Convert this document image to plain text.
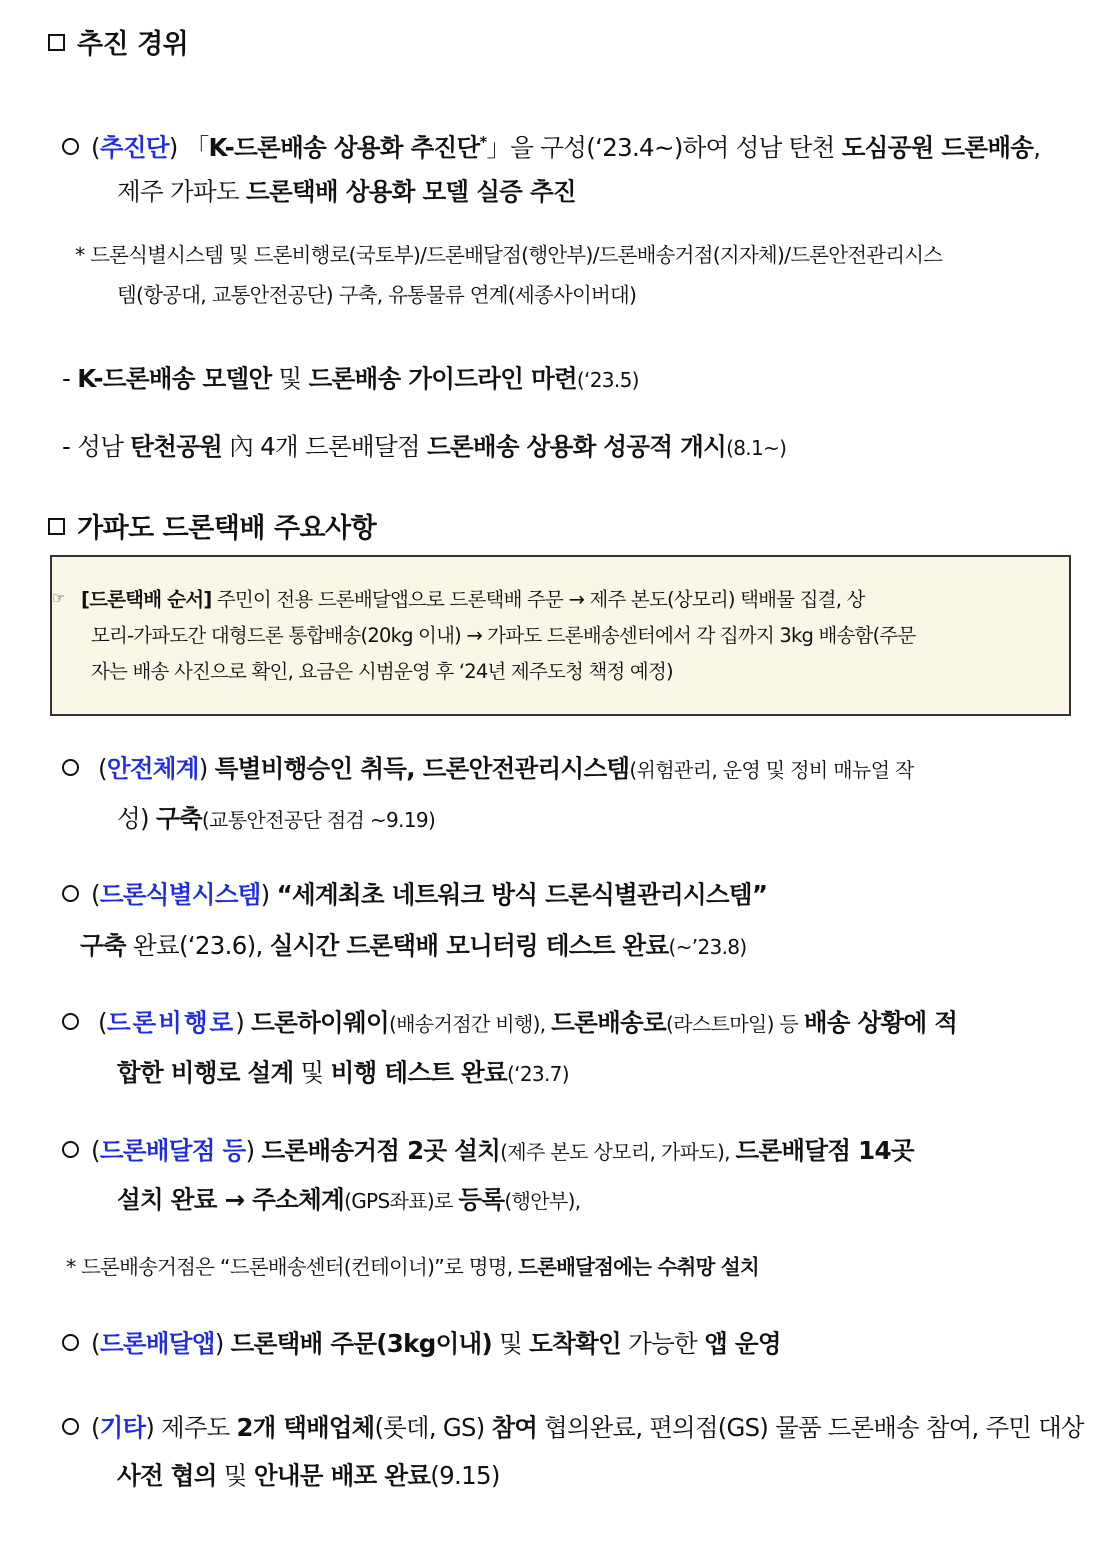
추진 경위
(추진단) 「K-드론배송 상용화 추진단*」을 구성(‘23.4~)하여 성남 탄천 도심공원 드론배송,
제주 가파도 드론택배 상용화 모델 실증 추진
* 드론식별시스템 및 드론비행로(국토부)/드론배달점(행안부)/드론배송거점(지자체)/드론안전관리시스
템(항공대, 교통안전공단) 구축, 유통물류 연계(세종사이버대)
- K-드론배송 모델안 및 드론배송 가이드라인 마련(‘23.5)
- 성남 탄천공원 內 4개 드론배달점 드론배송 상용화 성공적 개시(8.1~)
가파도 드론택배 주요사항
☞ [드론택배 순서] 주민이 전용 드론배달앱으로 드론택배 주문 → 제주 본도(상모리) 택배물 집결, 상
모리-가파도간 대형드론 통합배송(20kg 이내) → 가파도 드론배송센터에서 각 집까지 3kg 배송함(주문
자는 배송 사진으로 확인, 요금은 시범운영 후 ‘24년 제주도청 책정 예정)
(안전체계) 특별비행승인 취득, 드론안전관리시스템(위험관리, 운영 및 정비 매뉴얼 작
성) 구축(교통안전공단 점검 ~9.19)
(드론식별시스템) “세계최초 네트워크 방식 드론식별관리시스템”
구축 완료(‘23.6), 실시간 드론택배 모니터링 테스트 완료(~’23.8)
(드론비행로) 드론하이웨이(배송거점간 비행), 드론배송로(라스트마일) 등 배송 상황에 적
합한 비행로 설계 및 비행 테스트 완료(‘23.7)
(드론배달점 등) 드론배송거점 2곳 설치(제주 본도 상모리, 가파도), 드론배달점 14곳
설치 완료 → 주소체계(GPS좌표)로 등록(행안부),
* 드론배송거점은 “드론배송센터(컨테이너)”로 명명, 드론배달점에는 수취망 설치
(드론배달앱) 드론택배 주문(3kg이내) 및 도착확인 가능한 앱 운영
(기타) 제주도 2개 택배업체(롯데, GS) 참여 협의완료, 편의점(GS) 물품 드론배송 참여, 주민 대상
사전 협의 및 안내문 배포 완료(9.15)
